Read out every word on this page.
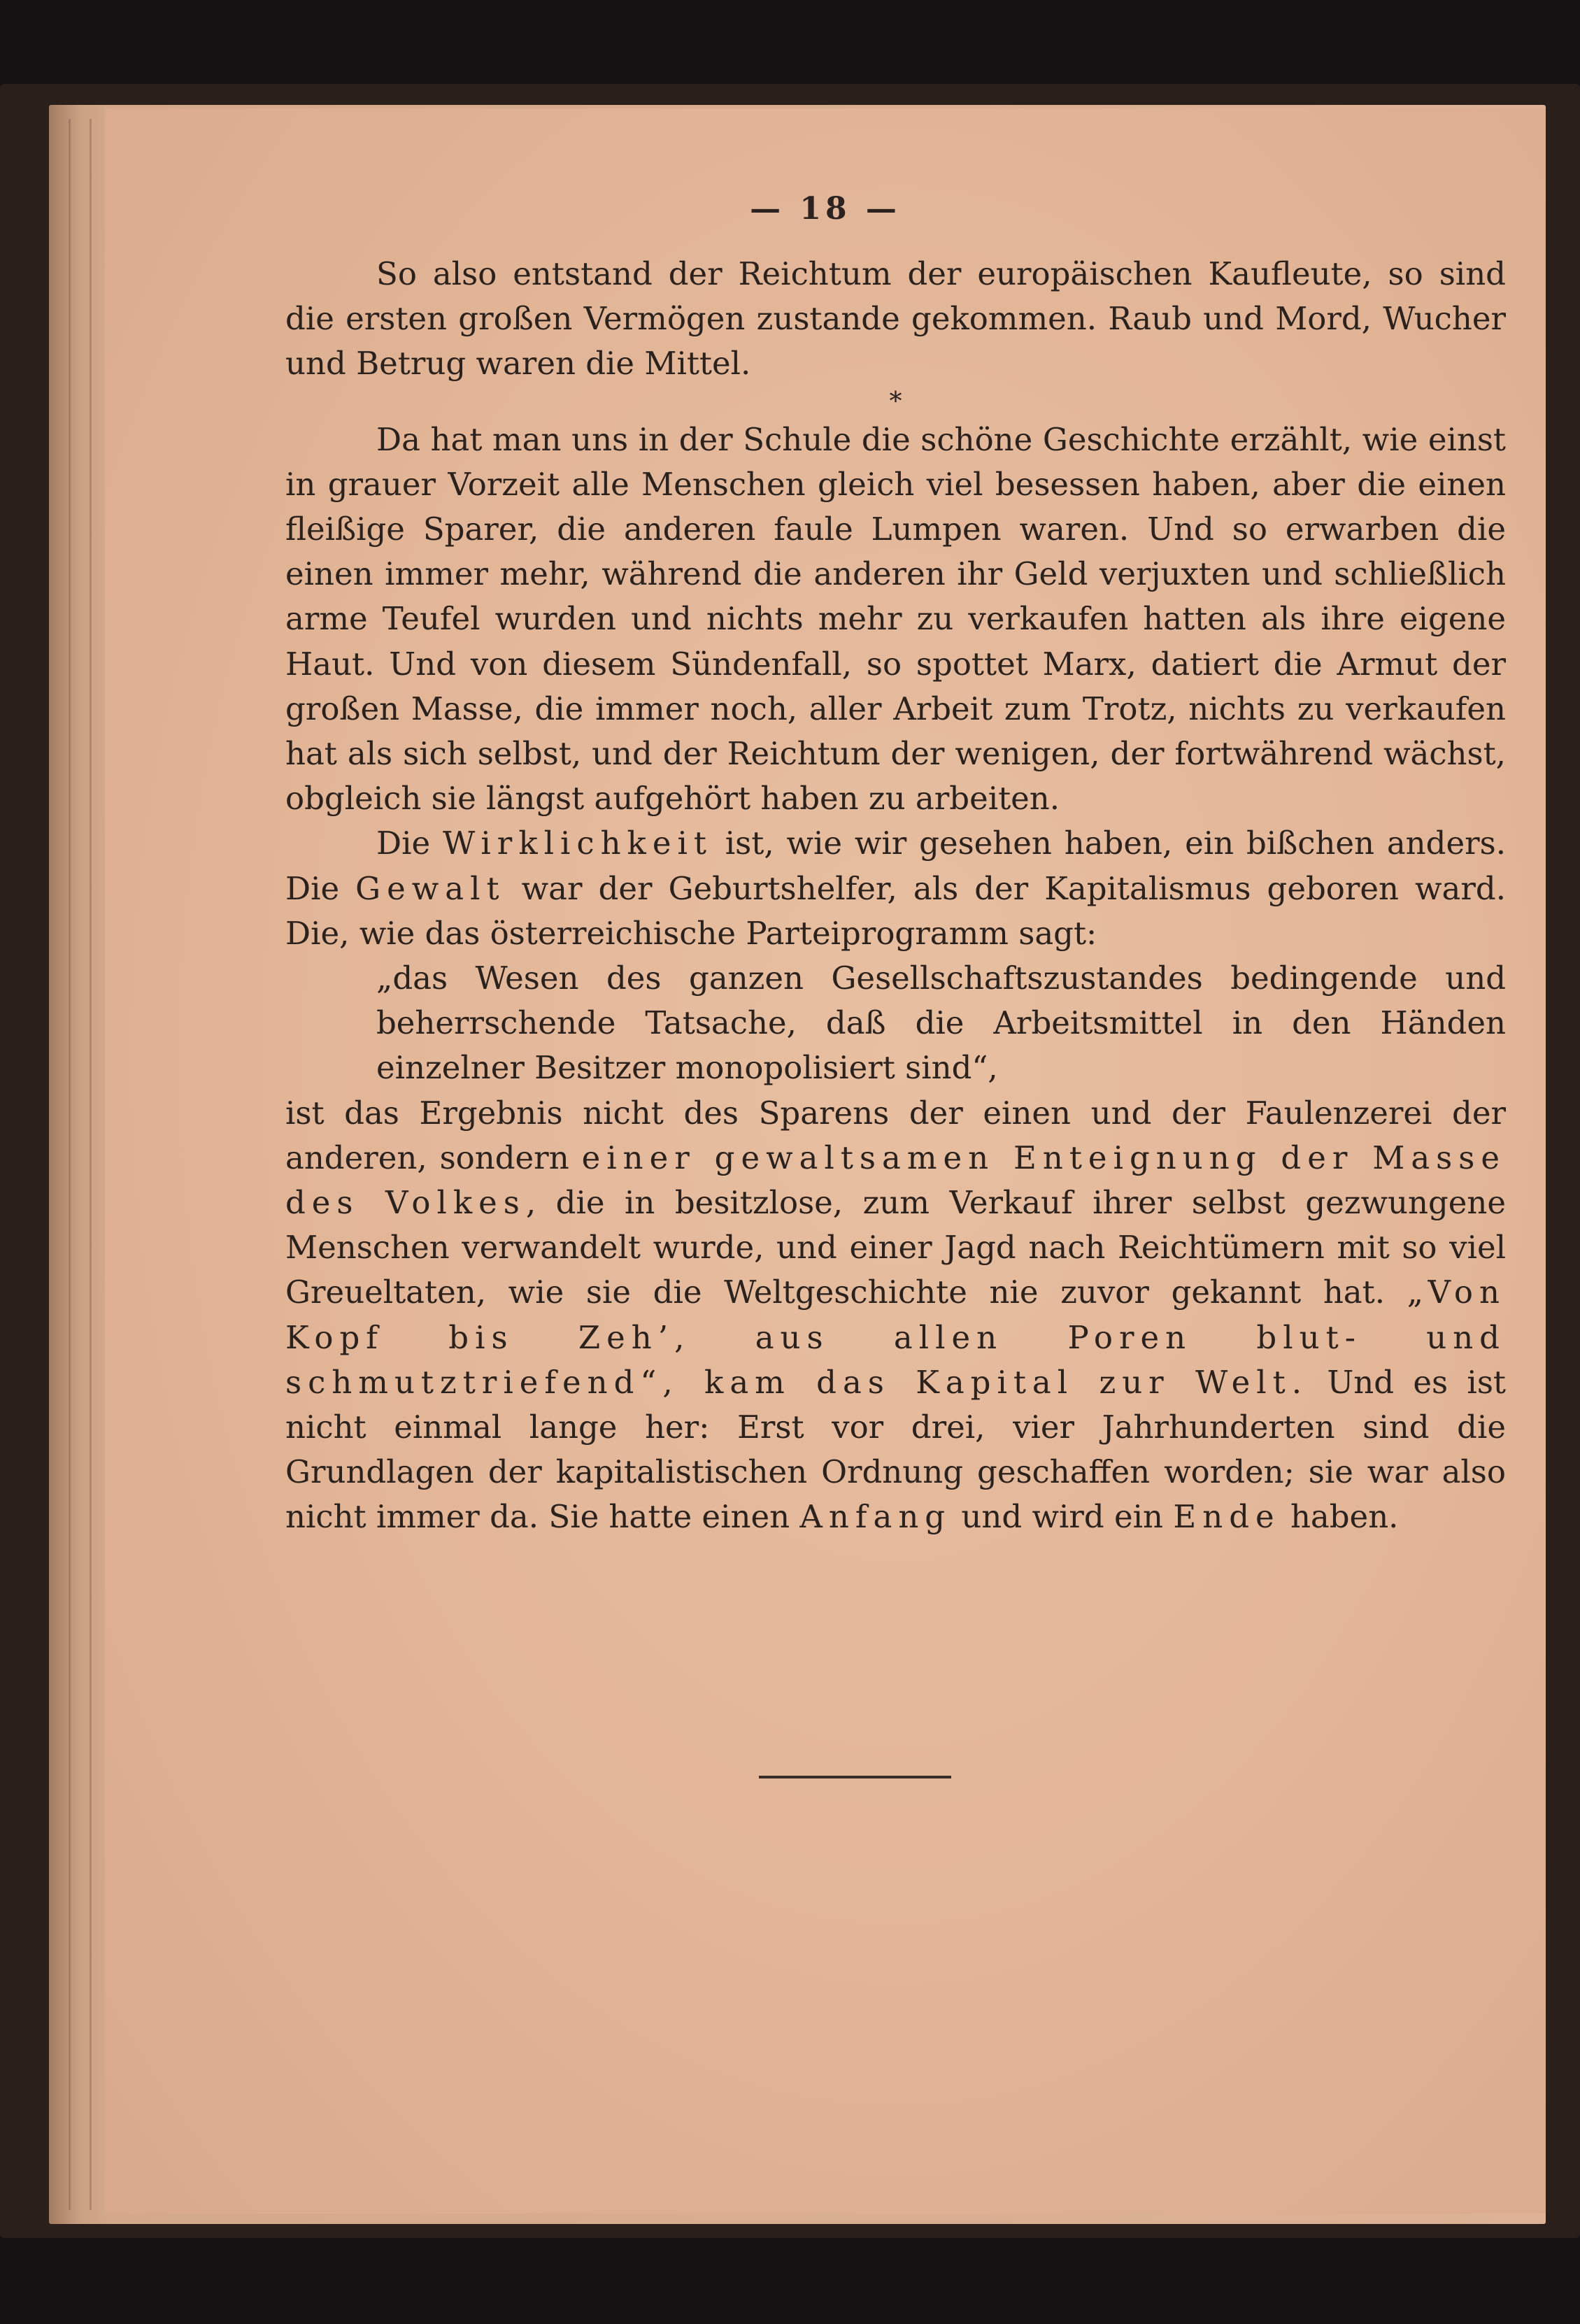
— 18 —

So also entstand der Reichtum der europäischen Kaufleute, so sind die ersten großen Vermögen zustande gekommen. Raub und Mord, Wucher und Betrug waren die Mittel.

*

Da hat man uns in der Schule die schöne Geschichte erzählt, wie einst in grauer Vorzeit alle Menschen gleich viel besessen haben, aber die einen fleißige Sparer, die anderen faule Lumpen waren. Und so erwarben die einen immer mehr, während die anderen ihr Geld verjuxten und schließlich arme Teufel wurden und nichts mehr zu verkaufen hatten als ihre eigene Haut. Und von diesem Sündenfall, so spottet Marx, datiert die Armut der großen Masse, die immer noch, aller Arbeit zum Trotz, nichts zu verkaufen hat als sich selbst, und der Reichtum der wenigen, der fortwährend wächst, obgleich sie längst aufgehört haben zu arbeiten.

Die Wirklichkeit ist, wie wir gesehen haben, ein bißchen anders. Die Gewalt war der Geburtshelfer, als der Kapitalismus geboren ward. Die, wie das österreichische Parteiprogramm sagt:

„das Wesen des ganzen Gesellschaftszustandes bedingende und beherrschende Tatsache, daß die Arbeitsmittel in den Händen einzelner Besitzer monopolisiert sind“,

ist das Ergebnis nicht des Sparens der einen und der Faulenzerei der anderen, sondern einer gewaltsamen Enteignung der Masse des Volkes, die in besitzlose, zum Verkauf ihrer selbst gezwungene Menschen verwandelt wurde, und einer Jagd nach Reichtümern mit so viel Greueltaten, wie sie die Weltgeschichte nie zuvor gekannt hat. „Von Kopf bis Zeh’, aus allen Poren blut- und schmutztriefend“, kam das Kapital zur Welt. Und es ist nicht einmal lange her: Erst vor drei, vier Jahrhunderten sind die Grundlagen der kapitalistischen Ordnung geschaffen worden; sie war also nicht immer da. Sie hatte einen Anfang und wird ein Ende haben.
